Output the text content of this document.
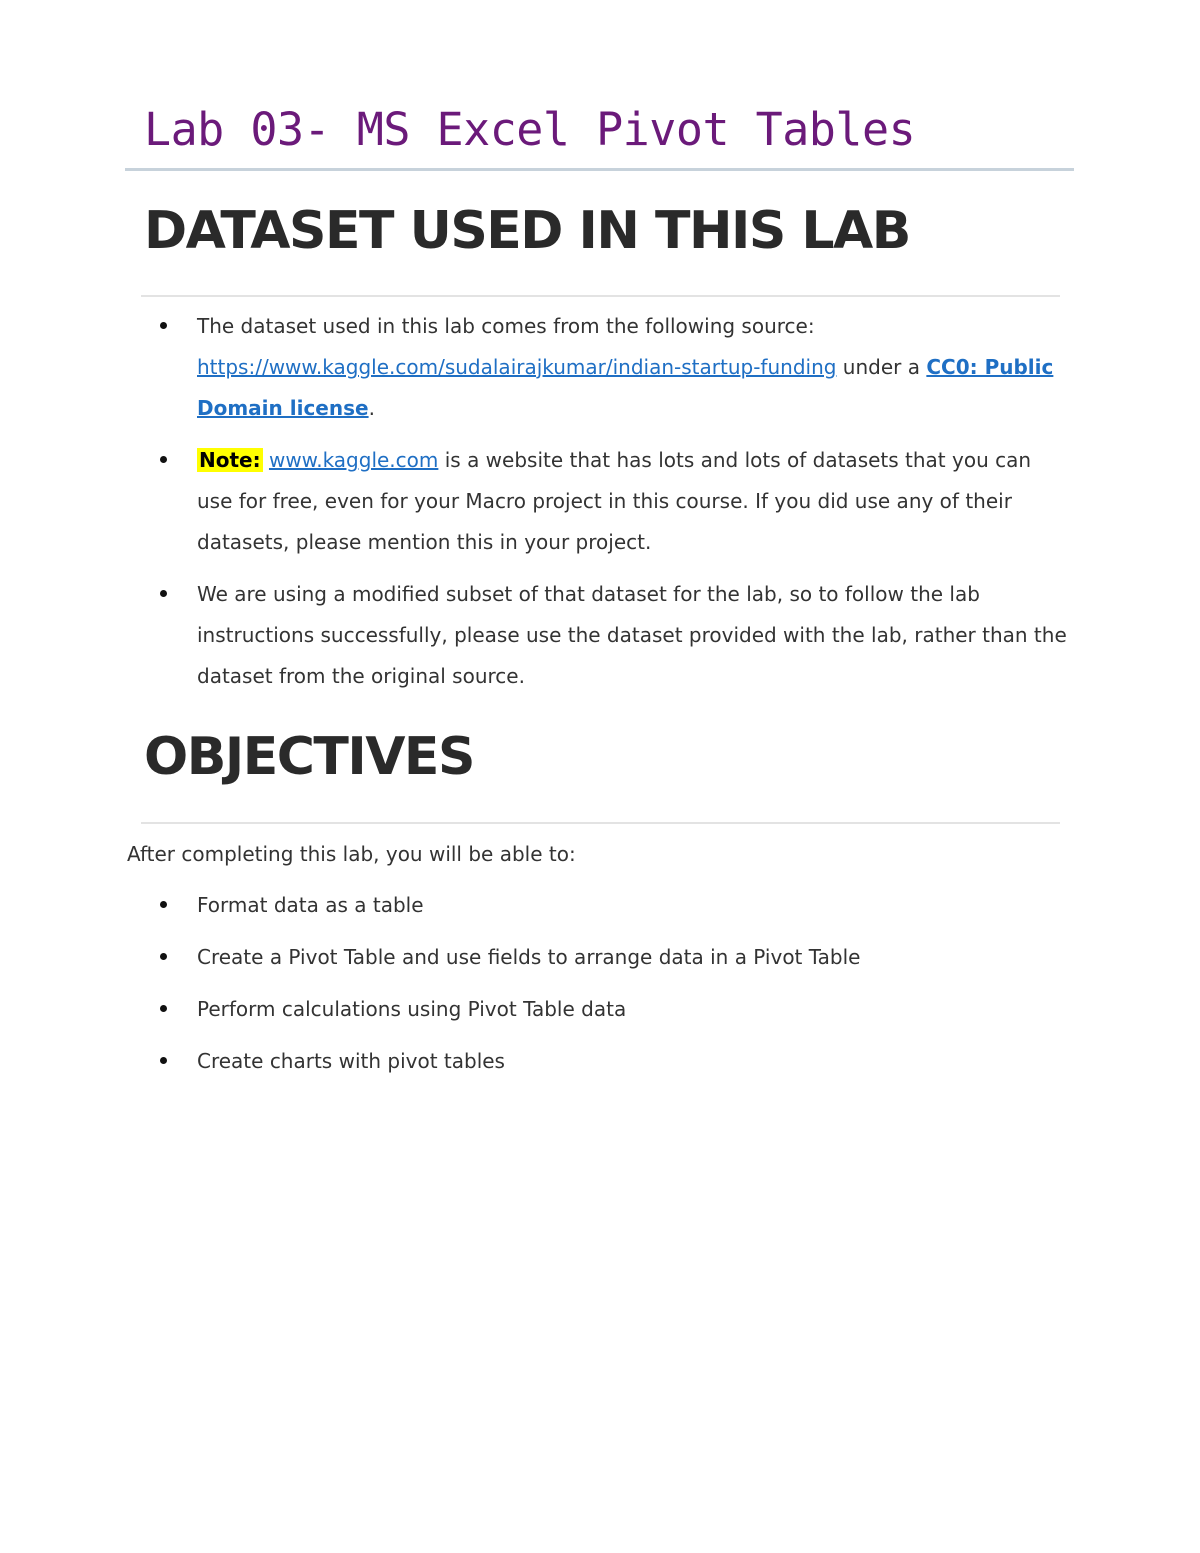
Lab 03- MS Excel Pivot Tables
DATASET USED IN THIS LAB
The dataset used in this lab comes from the following source: https://www.kaggle.com/sudalairajkumar/indian-startup-funding under a CC0: Public Domain license.
Note: www.kaggle.com is a website that has lots and lots of datasets that you can use for free, even for your Macro project in this course. If you did use any of their datasets, please mention this in your project.
We are using a modified subset of that dataset for the lab, so to follow the lab instructions successfully, please use the dataset provided with the lab, rather than the dataset from the original source.
OBJECTIVES

After completing this lab, you will be able to:

Format data as a table
Create a Pivot Table and use fields to arrange data in a Pivot Table
Perform calculations using Pivot Table data
Create charts with pivot tables
